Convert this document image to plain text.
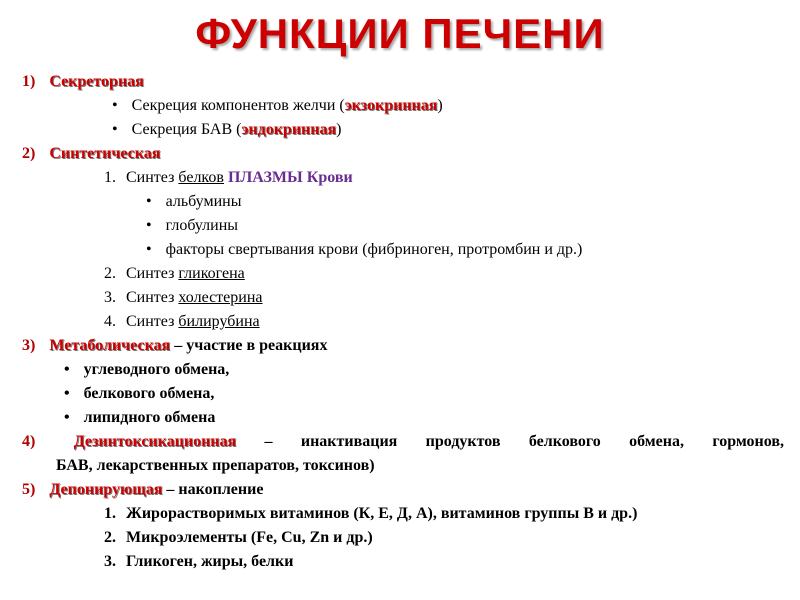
ФУНКЦИИ ПЕЧЕНИ
1) Секреторная
• Секреция компонентов желчи (экзокринная)
• Секреция БАВ (эндокринная)
2) Синтетическая
1. Синтез белков ПЛАЗМЫ Крови
• альбумины
• глобулины
• факторы свертывания крови (фибриноген, протромбин и др.)
2. Синтез гликогена
3. Синтез холестерина
4. Синтез билирубина
3) Метаболическая – участие в реакциях
• углеводного обмена,
• белкового обмена,
• липидного обмена
4) Дезинтоксикационная – инактивация продуктов белкового обмена, гормонов,
БАВ, лекарственных препаратов, токсинов)
5) Депонирующая – накопление
1. Жирорастворимых витаминов (К, Е, Д, А), витаминов группы В и др.)
2. Микроэлементы (Fe, Cu, Zn и др.)
3. Гликоген, жиры, белки
